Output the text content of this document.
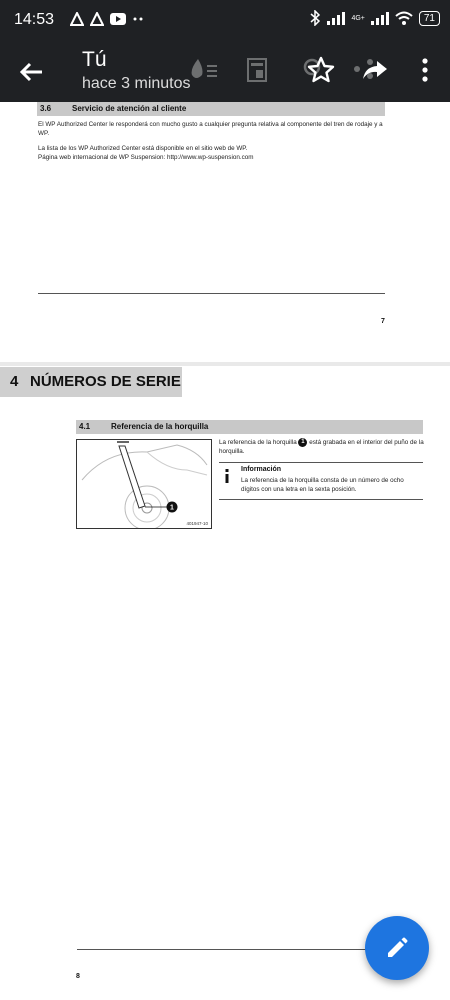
14:53	4G+	71
Tú
hace 3 minutos
3.6	Servicio de atención al cliente
El WP Authorized Center le responderá con mucho gusto a cualquier pregunta relativa al componente del tren de rodaje y a WP.
La lista de los WP Authorized Center está disponible en el sitio web de WP.
Página web internacional de WP Suspension: http://www.wp-suspension.com
7
4 NÚMEROS DE SERIE
4.1	Referencia de la horquilla
1
401947-10
La referencia de la horquilla 1 está grabada en el interior del puño de la horquilla.
Información
La referencia de la horquilla consta de un número de ocho dígitos con una letra en la sexta posición.
8
